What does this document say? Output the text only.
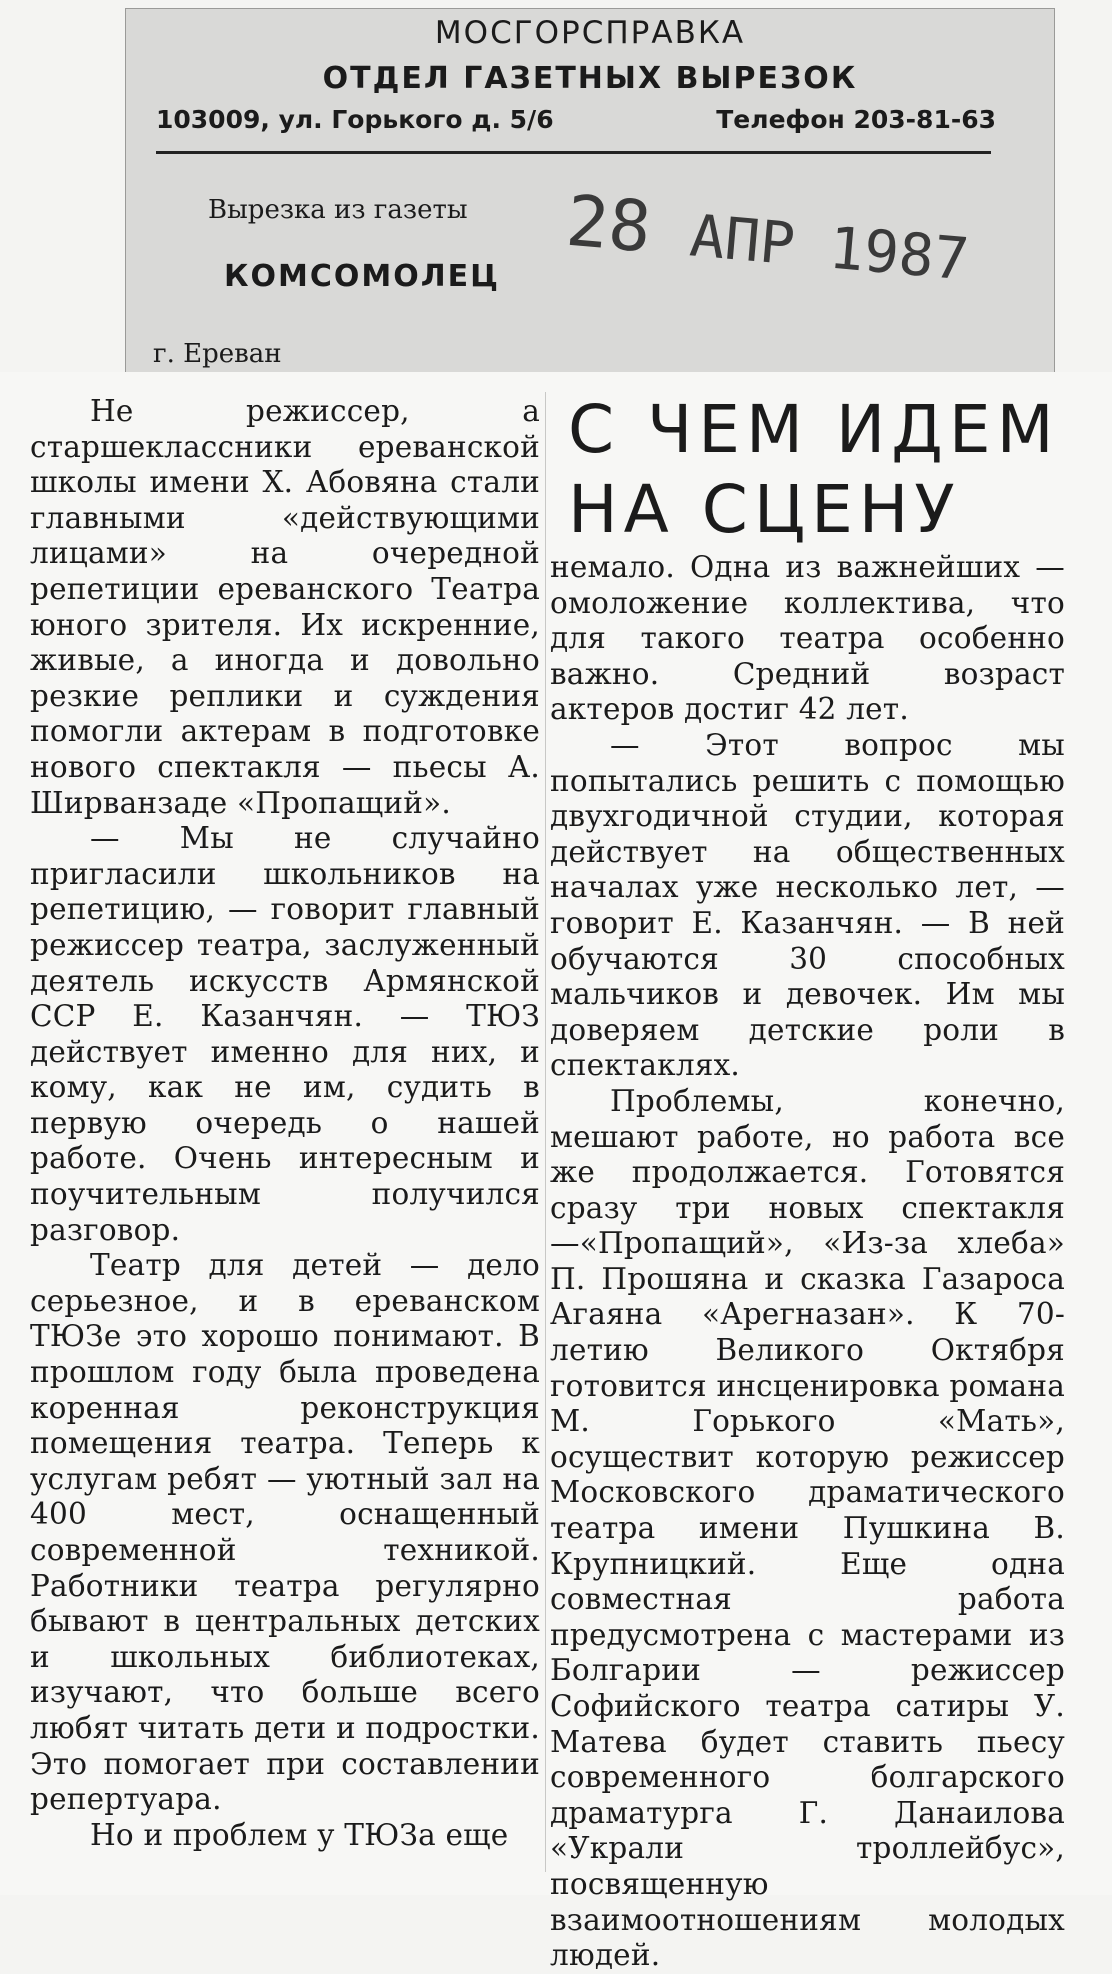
МОСГОРСПРАВКА
ОТДЕЛ ГАЗЕТНЫХ ВЫРЕЗОК
103009, ул. Горького д. 5/6	Телефон 203-81-63
Вырезка из газеты
КОМСОМОЛЕЦ
г. Ереван
28 АПР 1987

Не режиссер, а старшеклассники ереванской школы имени Х. Абовяна стали главными «действующими лицами» на очередной репетиции ереванского Театра юного зрителя. Их искренние, живые, а иногда и довольно резкие реплики и суждения помогли актерам в подготовке нового спектакля — пьесы А. Ширванзаде «Пропащий».

— Мы не случайно пригласили школьников на репетицию, — говорит главный режиссер театра, заслуженный деятель искусств Армянской ССР Е. Казанчян. — ТЮЗ действует именно для них, и кому, как не им, судить в первую очередь о нашей работе. Очень интересным и поучительным получился разговор.

Театр для детей — дело серьезное, и в ереванском ТЮЗе это хорошо понимают. В прошлом году была проведена коренная реконструкция помещения театра. Теперь к услугам ребят — уютный зал на 400 мест, оснащенный современной техникой. Работники театра регулярно бывают в центральных детских и школьных библиотеках, изучают, что больше всего любят читать дети и подростки. Это помогает при составлении репертуара.

Но и проблем у ТЮЗа еще

С ЧЕМ ИДЕМ НА СЦЕНУ

немало. Одна из важнейших —омоложение коллектива, что для такого театра особенно важно. Средний возраст актеров достиг 42 лет.

— Этот вопрос мы попытались решить с помощью двухгодичной студии, которая действует на общественных началах уже несколько лет, — говорит Е. Казанчян. — В ней обучаются 30 способных мальчиков и девочек. Им мы доверяем детские роли в спектаклях.

Проблемы, конечно, мешают работе, но работа все же продолжается. Готовятся сразу три новых спектакля —«Пропащий», «Из-за хлеба» П. Прошяна и сказка Газароса Агаяна «Арегназан». К 70-летию Великого Октября готовится инсценировка романа М. Горького «Мать», осуществит которую режиссер Московского драматического театра имени Пушкина В. Крупницкий. Еще одна совместная работа предусмотрена с мастерами из Болгарии — режиссер Софийского театра сатиры У. Матева будет ставить пьесу современного болгарского драматурга Г. Данаилова «Украли троллейбус», посвященную взаимоотношениям молодых людей.
